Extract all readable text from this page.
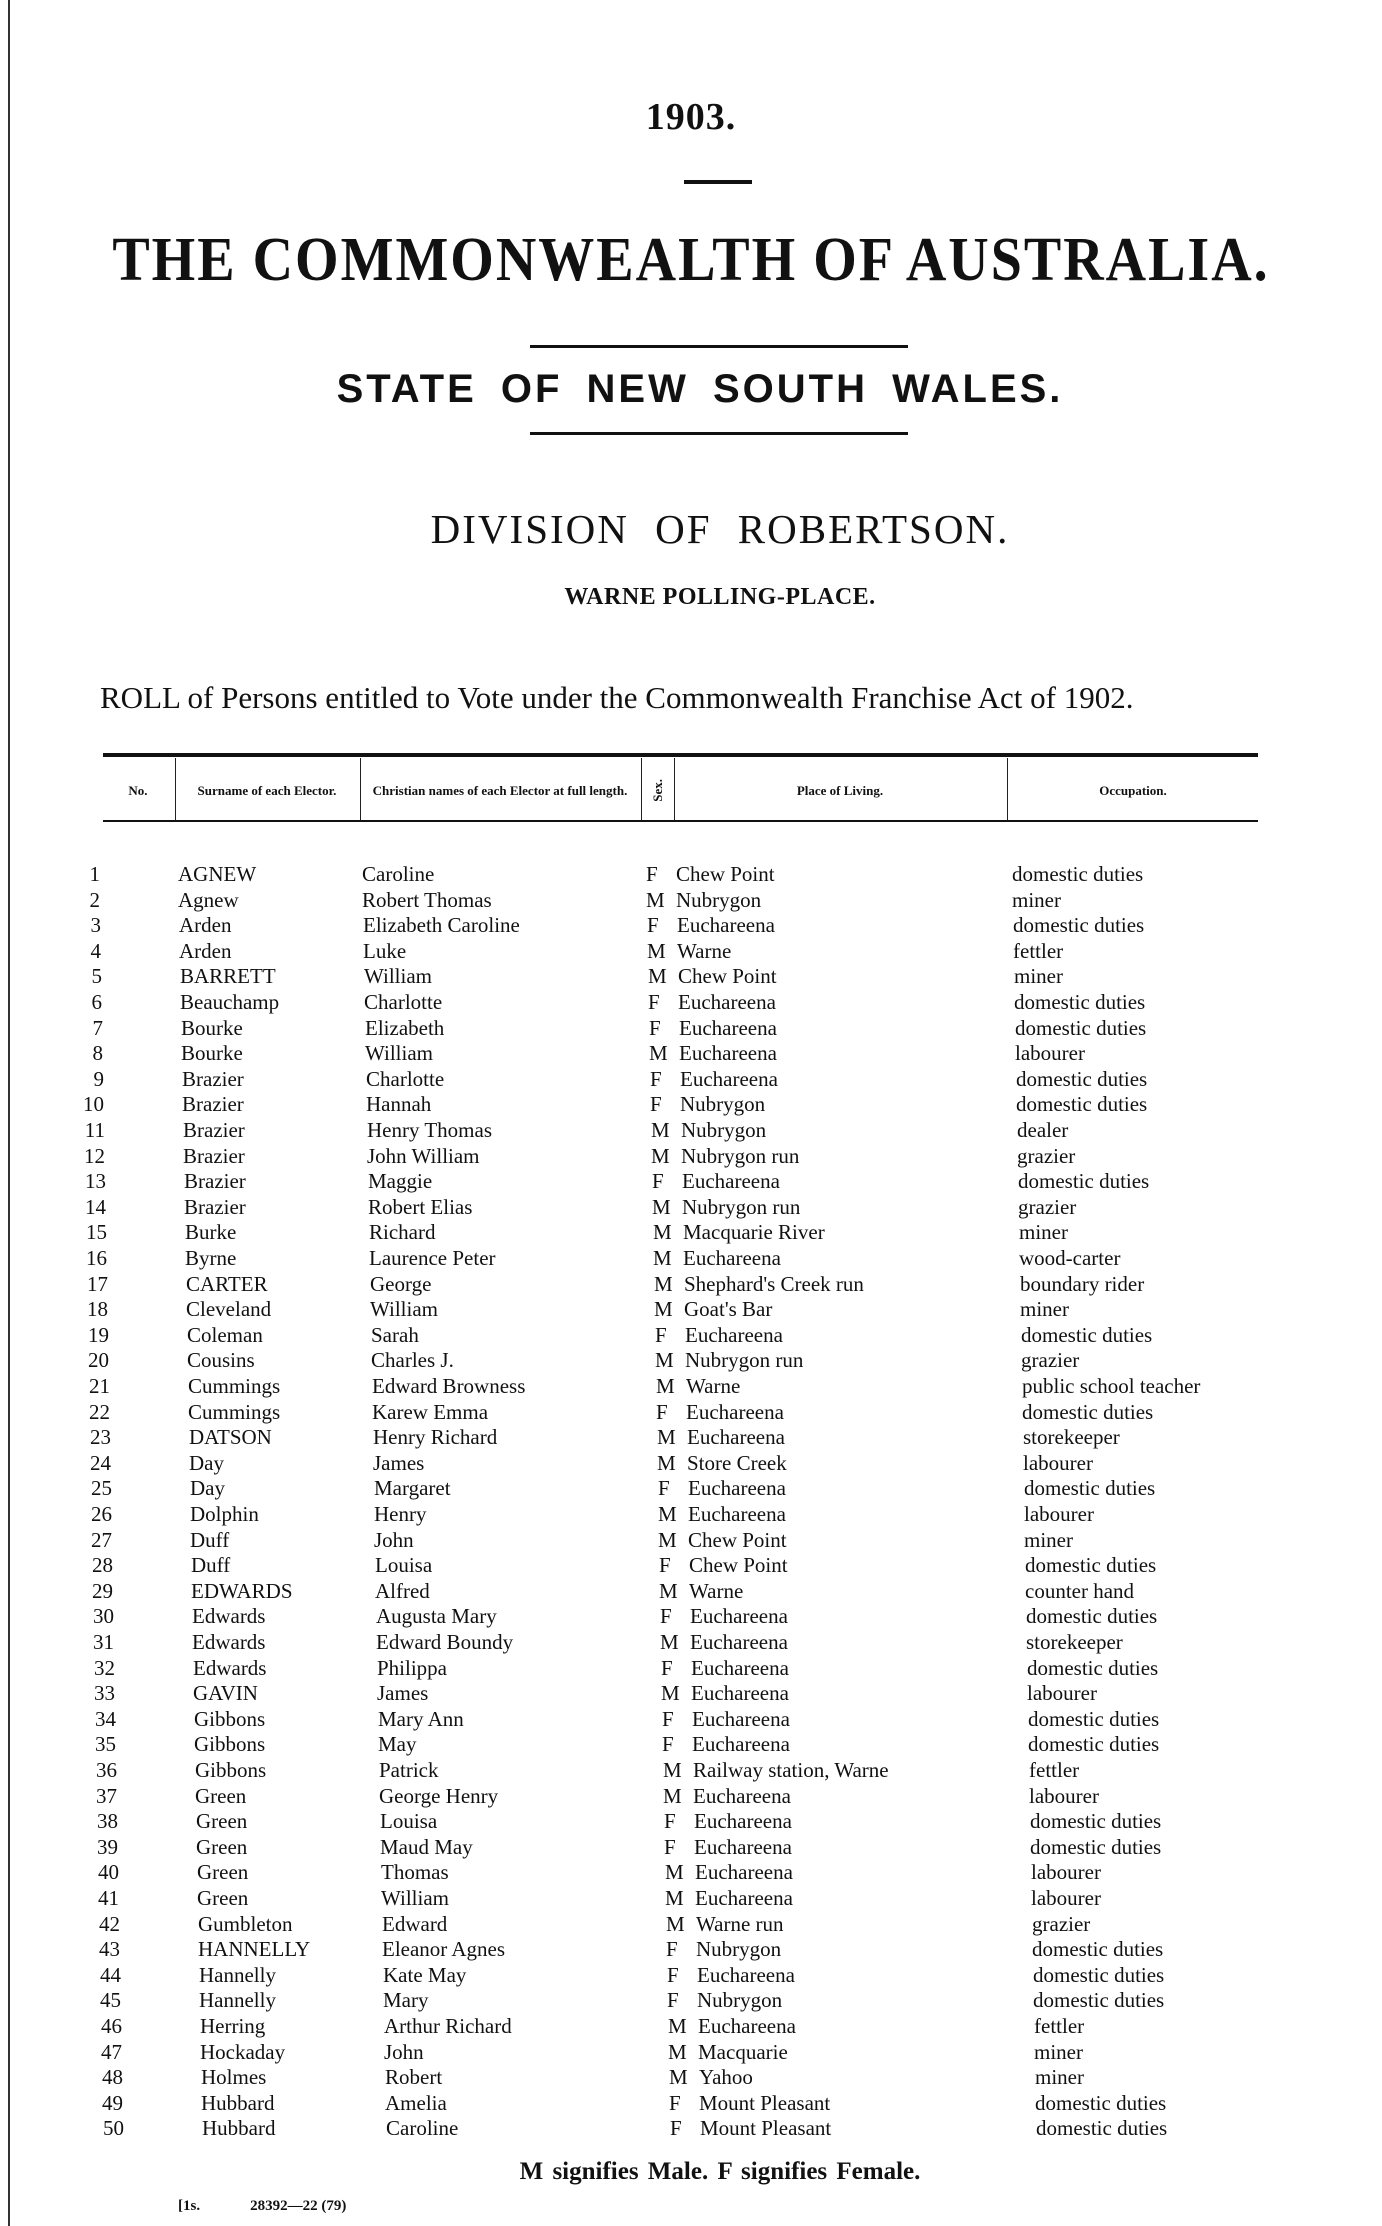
1903.
THE COMMONWEALTH OF AUSTRALIA.
STATE OF NEW SOUTH WALES.
DIVISION OF ROBERTSON.
WARNE POLLING-PLACE.
ROLL of Persons entitled to Vote under the Commonwealth Franchise Act of 1902.
No.	Surname of each Elector.	Christian names of each Elector at full length.	Sex.	Place of Living.	Occupation.
1	AGNEW	Caroline	F Chew Point	domestic duties
2	Agnew	Robert Thomas	M Nubrygon	miner
3	Arden	Elizabeth Caroline	F Euchareena	domestic duties
4	Arden	Luke	M Warne	fettler
5	BARRETT	William	M Chew Point	miner
6	Beauchamp	Charlotte	F Euchareena	domestic duties
7	Bourke	Elizabeth	F Euchareena	domestic duties
8	Bourke	William	M Euchareena	labourer
9	Brazier	Charlotte	F Euchareena	domestic duties
10	Brazier	Hannah	F Nubrygon	domestic duties
11	Brazier	Henry Thomas	M Nubrygon	dealer
12	Brazier	John William	M Nubrygon run	grazier
13	Brazier	Maggie	F Euchareena	domestic duties
14	Brazier	Robert Elias	M Nubrygon run	grazier
15	Burke	Richard	M Macquarie River	miner
16	Byrne	Laurence Peter	M Euchareena	wood-carter
17	CARTER	George	M Shephard's Creek run	boundary rider
18	Cleveland	William	M Goat's Bar	miner
19	Coleman	Sarah	F Euchareena	domestic duties
20	Cousins	Charles J.	M Nubrygon run	grazier
21	Cummings	Edward Browness	M Warne	public school teacher
22	Cummings	Karew Emma	F Euchareena	domestic duties
23	DATSON	Henry Richard	M Euchareena	storekeeper
24	Day	James	M Store Creek	labourer
25	Day	Margaret	F Euchareena	domestic duties
26	Dolphin	Henry	M Euchareena	labourer
27	Duff	John	M Chew Point	miner
28	Duff	Louisa	F Chew Point	domestic duties
29	EDWARDS	Alfred	M Warne	counter hand
30	Edwards	Augusta Mary	F Euchareena	domestic duties
31	Edwards	Edward Boundy	M Euchareena	storekeeper
32	Edwards	Philippa	F Euchareena	domestic duties
33	GAVIN	James	M Euchareena	labourer
34	Gibbons	Mary Ann	F Euchareena	domestic duties
35	Gibbons	May	F Euchareena	domestic duties
36	Gibbons	Patrick	M Railway station, Warne	fettler
37	Green	George Henry	M Euchareena	labourer
38	Green	Louisa	F Euchareena	domestic duties
39	Green	Maud May	F Euchareena	domestic duties
40	Green	Thomas	M Euchareena	labourer
41	Green	William	M Euchareena	labourer
42	Gumbleton	Edward	M Warne run	grazier
43	HANNELLY	Eleanor Agnes	F Nubrygon	domestic duties
44	Hannelly	Kate May	F Euchareena	domestic duties
45	Hannelly	Mary	F Nubrygon	domestic duties
46	Herring	Arthur Richard	M Euchareena	fettler
47	Hockaday	John	M Macquarie	miner
48	Holmes	Robert	M Yahoo	miner
49	Hubbard	Amelia	F Mount Pleasant	domestic duties
50	Hubbard	Caroline	F Mount Pleasant	domestic duties
M signifies Male. F signifies Female.
[1s.	28392—22 (79)
